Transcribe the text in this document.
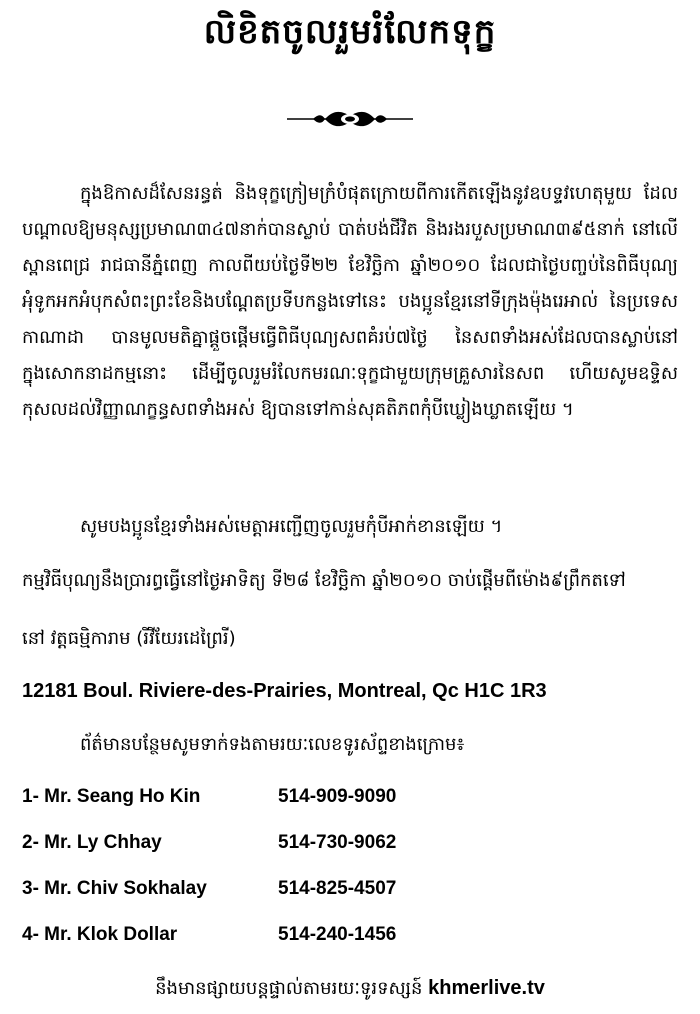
លិខិតចូលរួមរំលែកទុក្ខ
ក្នុងឱកាសដ៏សែនរន្ធត់ និងទុក្ខក្រៀមក្រំបំផុតក្រោយពីការកើតឡើងនូវឧបទ្ទវហេតុមួយ ដែលបណ្ដាលឱ្យមនុស្សប្រមាណ៣៤៧នាក់បានស្លាប់ បាត់បង់ជីវិត និងរងរបួសប្រមាណ៣៩៥នាក់ នៅលើស្ពានពេជ្រ រាជធានីភ្នំពេញ កាលពីយប់ថ្ងៃទី២២ ខែវិច្ឆិកា ឆ្នាំ២០១០ ដែលជាថ្ងៃបញ្ចប់នៃពិធីបុណ្យអុំទូកអកអំបុកសំពះព្រះខែនិងបណ្តែតប្រទីបកន្លងទៅនេះ បងប្អូនខ្មែរនៅទីក្រុងម៉ុងរេអាល់ នៃប្រទេសកាណាដា បានមូលមតិគ្នាផ្តួចផ្តើមធ្វើពិធីបុណ្យសពគំរប់៧ថ្ងៃ នៃសពទាំងអស់ដែលបានស្លាប់នៅក្នុងសោកនាដកម្មនោះ ដើម្បីចូលរួមរំលែកមរណៈទុក្ខជាមួយក្រុមគ្រួសារនៃសព ហើយសូមឧទ្ទិសកុសលដល់វិញ្ញាណក្ខន្ធសពទាំងអស់ ឱ្យបានទៅកាន់សុគតិភពកុំបីឃ្លៀងឃ្លាតឡើយ ។
សូមបងប្អូនខ្មែរទាំងអស់មេត្តាអញ្ជើញចូលរួមកុំបីអាក់ខានឡើយ ។
កម្មវិធីបុណ្យនឹងប្រារព្ធធ្វើនៅថ្ងៃអាទិត្យ ទី២៨ ខែវិច្ឆិកា ឆ្នាំ២០១០ ចាប់ផ្តើមពីម៉ោង៩ព្រឹកតទៅ
នៅ វត្តធម្មិការាម (រីវីយែរដេព្រៃរី)
12181 Boul. Riviere-des-Prairies, Montreal, Qc H1C 1R3
ព័ត៌មានបន្ថែមសូមទាក់ទងតាមរយៈលេខទូរស័ព្ទខាងក្រោម៖
1- Mr. Seang Ho Kin	514-909-9090
2- Mr. Ly Chhay	514-730-9062
3- Mr. Chiv Sokhalay	514-825-4507
4- Mr. Klok Dollar	514-240-1456
នឹងមានផ្សាយបន្តផ្ទាល់តាមរយៈទូរទស្សន៍ khmerlive.tv
